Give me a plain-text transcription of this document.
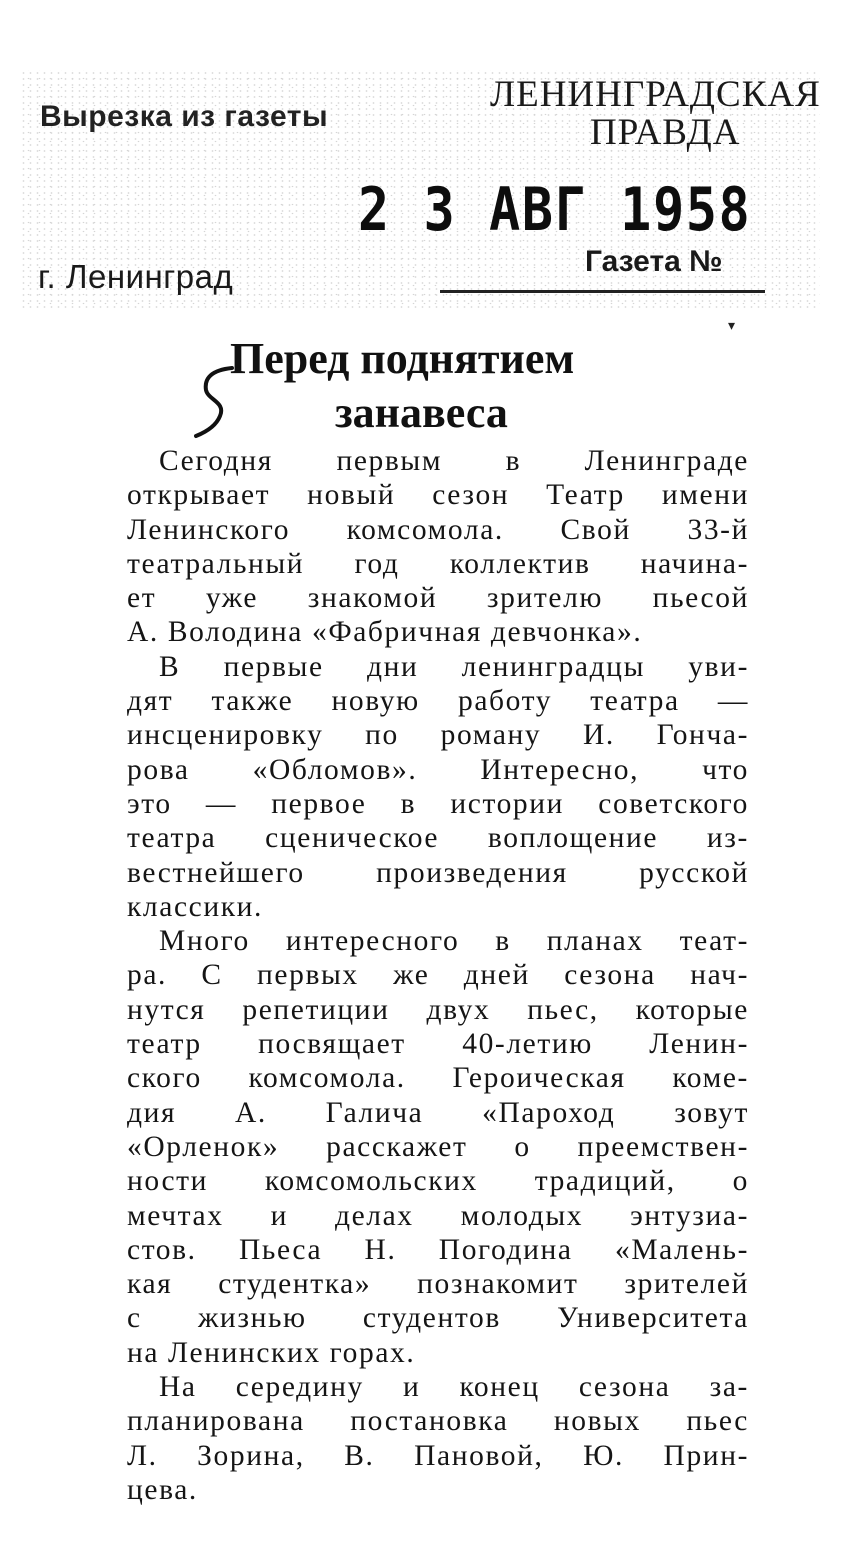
Вырезка из газеты
ЛЕНИНГРАДСКАЯ
ПРАВДА
2 3 АВГ 1958
г. Ленинград	Газета №
▾
Перед поднятием
занавеса

Сегодня первым в Ленинграде
открывает новый сезон Театр имени
Ленинского комсомола. Свой 33-й
театральный год коллектив начина-
ет уже знакомой зрителю пьесой
А. Володина «Фабричная девчонка».

В первые дни ленинградцы уви-
дят также новую работу театра —
инсценировку по роману И. Гонча-
рова «Обломов». Интересно, что
это — первое в истории советского
театра сценическое воплощение из-
вестнейшего произведения русской
классики.

Много интересного в планах теат-
ра. С первых же дней сезона нач-
нутся репетиции двух пьес, которые
театр посвящает 40-летию Ленин-
ского комсомола. Героическая коме-
дия А. Галича «Пароход зовут
«Орленок» расскажет о преемствен-
ности комсомольских традиций, о
мечтах и делах молодых энтузиа-
стов. Пьеса Н. Погодина «Малень-
кая студентка» познакомит зрителей
с жизнью студентов Университета
на Ленинских горах.

На середину и конец сезона за-
планирована постановка новых пьес
Л. Зорина, В. Пановой, Ю. Прин-
цева.
